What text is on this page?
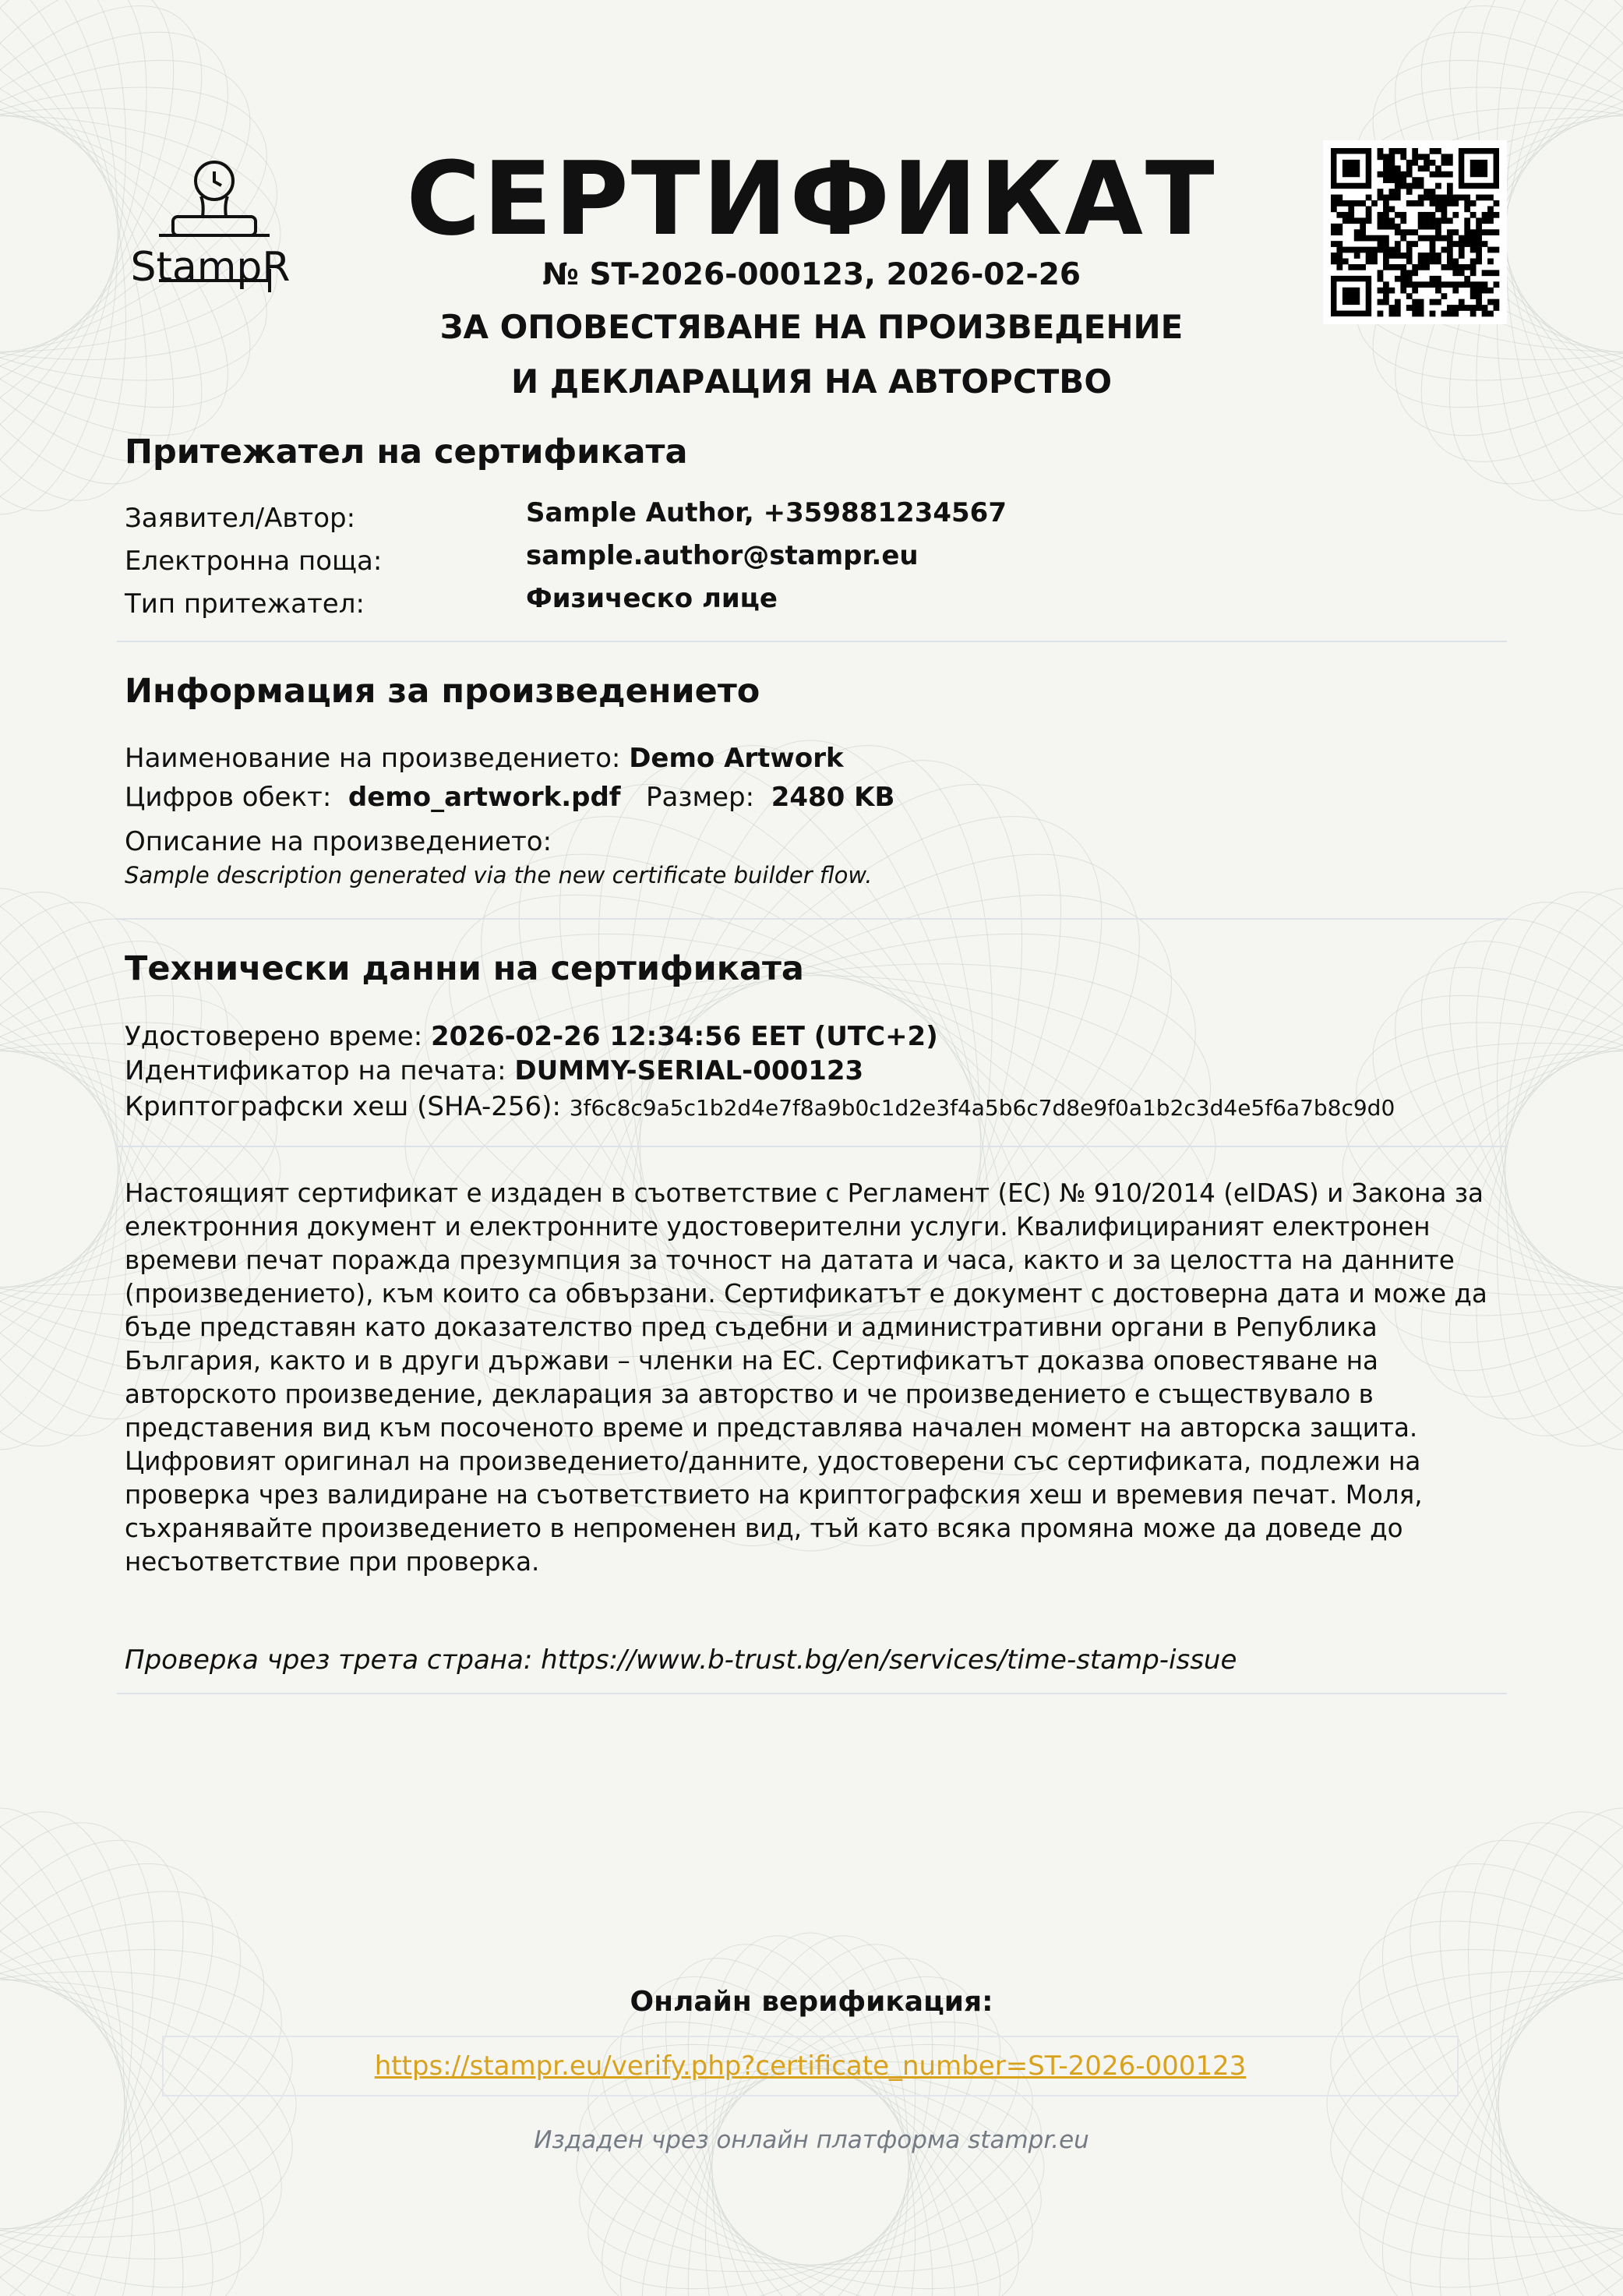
StampR
СЕРТИФИКАТ
№ ST-2026-000123, 2026-02-26
ЗА ОПОВЕСТЯВАНЕ НА ПРОИЗВЕДЕНИЕ
И ДЕКЛАРАЦИЯ НА АВТОРСТВО
Притежател на сертификата
Заявител/Автор:	Sample Author, +359881234567
Електронна поща:	sample.author@stampr.eu
Тип притежател:	Физическо лице
Информация за произведението
Наименование на произведението: Demo Artwork
Цифров обект: demo_artwork.pdf Размер: 2480 KB
Описание на произведението:
Sample description generated via the new certificate builder flow.
Технически данни на сертификата
Удостоверено време: 2026-02-26 12:34:56 EET (UTC+2)
Идентификатор на печата: DUMMY-SERIAL-000123
Криптографски хеш (SHA-256): 3f6c8c9a5c1b2d4e7f8a9b0c1d2e3f4a5b6c7d8e9f0a1b2c3d4e5f6a7b8c9d0

Настоящият сертификат е издаден в съответствие с Регламент (ЕС) № 910/2014 (eIDAS) и Закона за електронния документ и електронните удостоверителни услуги. Квалифицираният електронен времеви печат поражда презумпция за точност на датата и часа, както и за целостта на данните (произведението), към които са обвързани. Сертификатът е документ с достоверна дата и може да бъде представян като доказателство пред съдебни и административни органи в Република България, както и в други държави – членки на ЕС. Сертификатът доказва оповестяване на авторското произведение, декларация за авторство и че произведението е съществувало в представения вид към посоченото време и представлява начален момент на авторска защита.

Цифровият оригинал на произведението/данните, удостоверени със сертификата, подлежи на проверка чрез валидиране на съответствието на криптографския хеш и времевия печат. Моля, съхранявайте произведението в непроменен вид, тъй като всяка промяна може да доведе до несъответствие при проверка.

Проверка чрез трета страна: https://www.b-trust.bg/en/services/time-stamp-issue
Онлайн верификация:
https://stampr.eu/verify.php?certificate_number=ST-2026-000123
Издаден чрез онлайн платформа stampr.eu
